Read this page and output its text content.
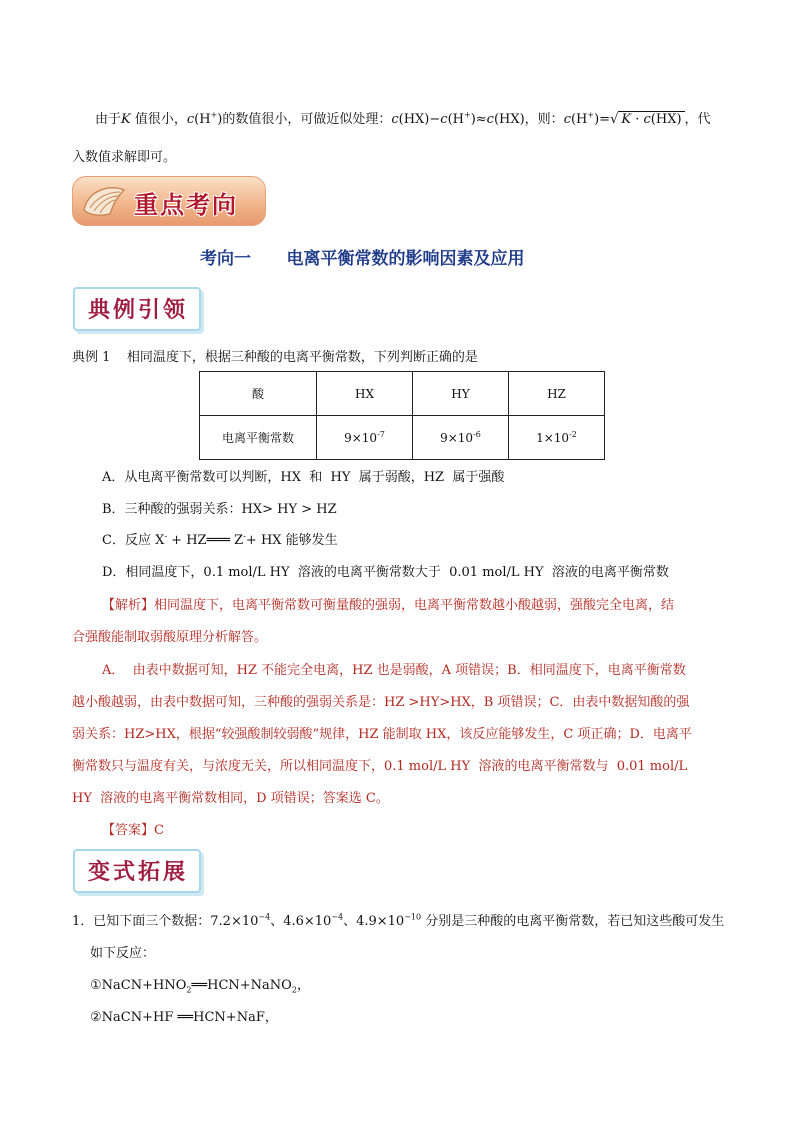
由于K 值很小，c(H+)的数值很小，可做近似处理：c(HX)−c(H+)≈c(HX)，则：c(H+)=√ K · c(HX) ，代
入数值求解即可。
重点考向
考向一      电离平衡常数的影响因素及应用
典例引领
典例 1    相同温度下，根据三种酸的电离平衡常数，下列判断正确的是
酸	HX	HY	HZ
电离平衡常数	$9\times 10^{-7}$	$9\times 10^{-6}$	$1\times 10^{-2}$
A．从电离平衡常数可以判断，HX  和  HY  属于弱酸，HZ  属于强酸
B．三种酸的强弱关系：HX> HY > HZ
C．反应 X- + HZ═══ Z-+ HX 能够发生
D．相同温度下，0.1 mol/L HY  溶液的电离平衡常数大于  0.01 mol/L HY  溶液的电离平衡常数
【解析】相同温度下，电离平衡常数可衡量酸的强弱，电离平衡常数越小酸越弱，强酸完全电离，结
合强酸能制取弱酸原理分析解答。
A．  由表中数据可知，HZ 不能完全电离，HZ 也是弱酸，A 项错误；B．相同温度下，电离平衡常数
越小酸越弱，由表中数据可知，三种酸的强弱关系是：HZ >HY>HX，B 项错误；C．由表中数据知酸的强
弱关系：HZ>HX，根据“较强酸制较弱酸”规律，HZ 能制取 HX，该反应能够发生，C 项正确；D．电离平
衡常数只与温度有关，与浓度无关，所以相同温度下，0.1 mol/L HY  溶液的电离平衡常数与  0.01 mol/L
HY  溶液的电离平衡常数相同，D 项错误；答案选 C。
【答案】C
变式拓展
1．已知下面三个数据：$7.2\times 10^{-4}$、$4.6\times 10^{-4}$、$4.9\times 10^{-10}$ 分别是三种酸的电离平衡常数，若已知这些酸可发生
如下反应：
$①NaCN+HNO_2══HCN+NaNO_2$，
②NaCN+HF ══HCN+NaF，
